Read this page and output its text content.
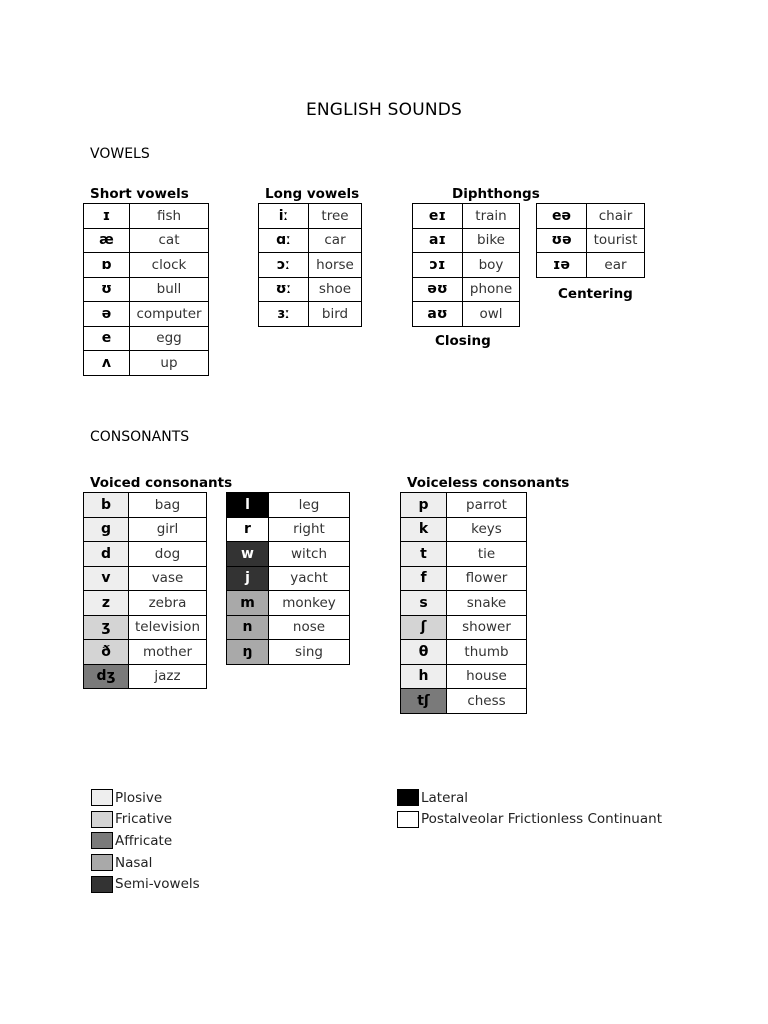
ENGLISH SOUNDS
VOWELS
Short vowels	Long vowels	Diphthongs
ɪ	fish
æ	cat
ɒ	clock
ʊ	bull
ə	computer
e	egg
ʌ	up
iː	tree
ɑː	car
ɔː	horse
ʊː	shoe
ɜː	bird
eɪ	train
aɪ	bike
ɔɪ	boy
əʊ	phone
aʊ	owl
eə	chair
ʊə	tourist
ɪə	ear
Closing
Centering
CONSONANTS
Voiced consonants	Voiceless consonants
b	bag
g	girl
d	dog
v	vase
z	zebra
ʒ	television
ð	mother
dʒ	jazz
l	leg
r	right
w	witch
j	yacht
m	monkey
n	nose
ŋ	sing
p	parrot
k	keys
t	tie
f	flower
s	snake
ʃ	shower
θ	thumb
h	house
tʃ	chess
Plosive
Fricative
Affricate
Nasal
Semi-vowels
Lateral
Postalveolar Frictionless Continuant
